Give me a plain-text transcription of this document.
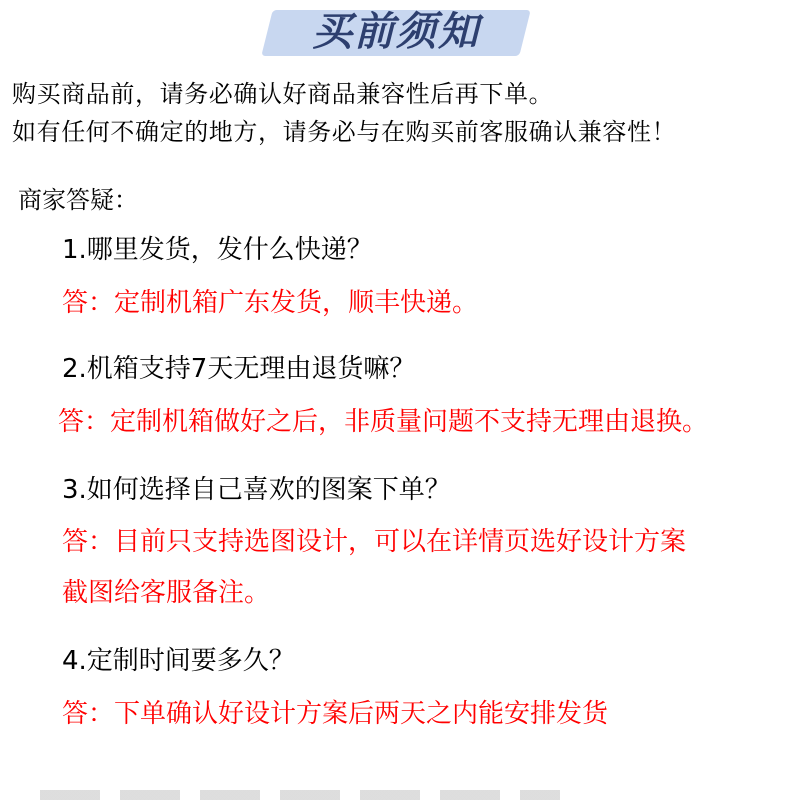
买前须知
购买商品前，请务必确认好商品兼容性后再下单。
如有任何不确定的地方，请务必与在购买前客服确认兼容性！
商家答疑：
1.哪里发货，发什么快递？
答：定制机箱广东发货，顺丰快递。
2.机箱支持7天无理由退货嘛？
答：定制机箱做好之后，非质量问题不支持无理由退换。
3.如何选择自己喜欢的图案下单？
答：目前只支持选图设计，可以在详情页选好设计方案
截图给客服备注。
4.定制时间要多久？
答：下单确认好设计方案后两天之内能安排发货
